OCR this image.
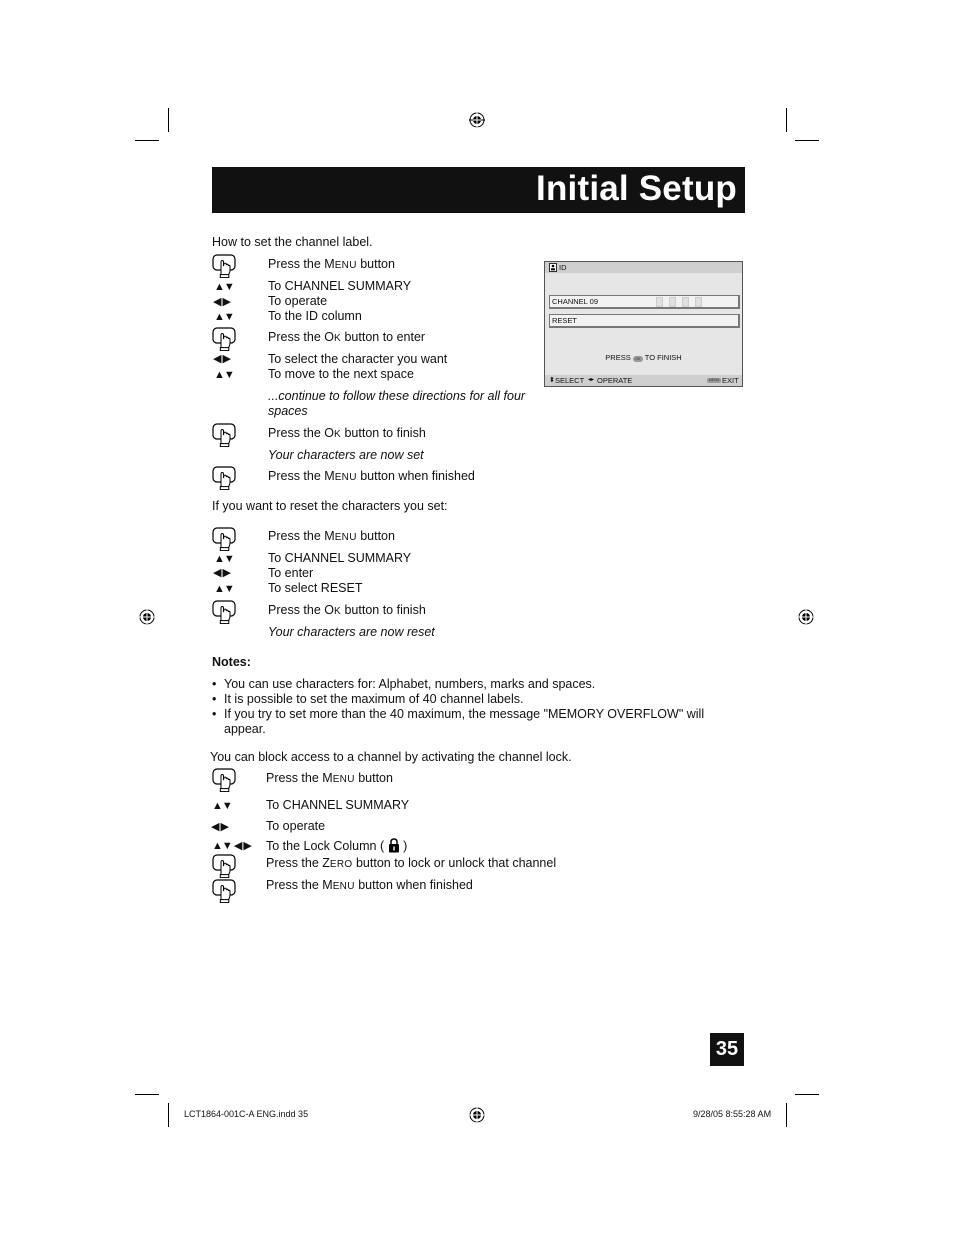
Initial Setup
How to set the channel label.
Press the MENU button
▲▼	To CHANNEL SUMMARY
◀ ▶	To operate
▲▼	To the ID column
Press the OK button to enter
◀ ▶	To select the character you want
▲▼	To move to the next space
...continue to follow these directions for all four
spaces
Press the OK button to finish
Your characters are now set
Press the MENU button when finished
If you want to reset the characters you set:
Press the MENU button
▲▼	To CHANNEL SUMMARY
◀ ▶	To enter
▲▼	To select RESET
Press the OK button to finish
Your characters are now reset
Notes:
• You can use characters for: Alphabet, numbers, marks and spaces.
• It is possible to set the maximum of 40 channel labels.
• If you try to set more than the 40 maximum, the message "MEMORY OVERFLOW" will
appear.
You can block access to a channel by activating the channel lock.
Press the MENU button
▲▼	To CHANNEL SUMMARY
◀ ▶	To operate
▲▼ ◀ ▶ To the Lock Column ( )
Press the ZERO button to lock or unlock that channel
Press the MENU button when finished
ID
CHANNEL 09
RESET
PRESS OK TO FINISH
⬍ SELECT ◂▸ OPERATE	MENU EXIT
35
LCT1864-001C-A ENG.indd 35	9/28/05 8:55:28 AM
